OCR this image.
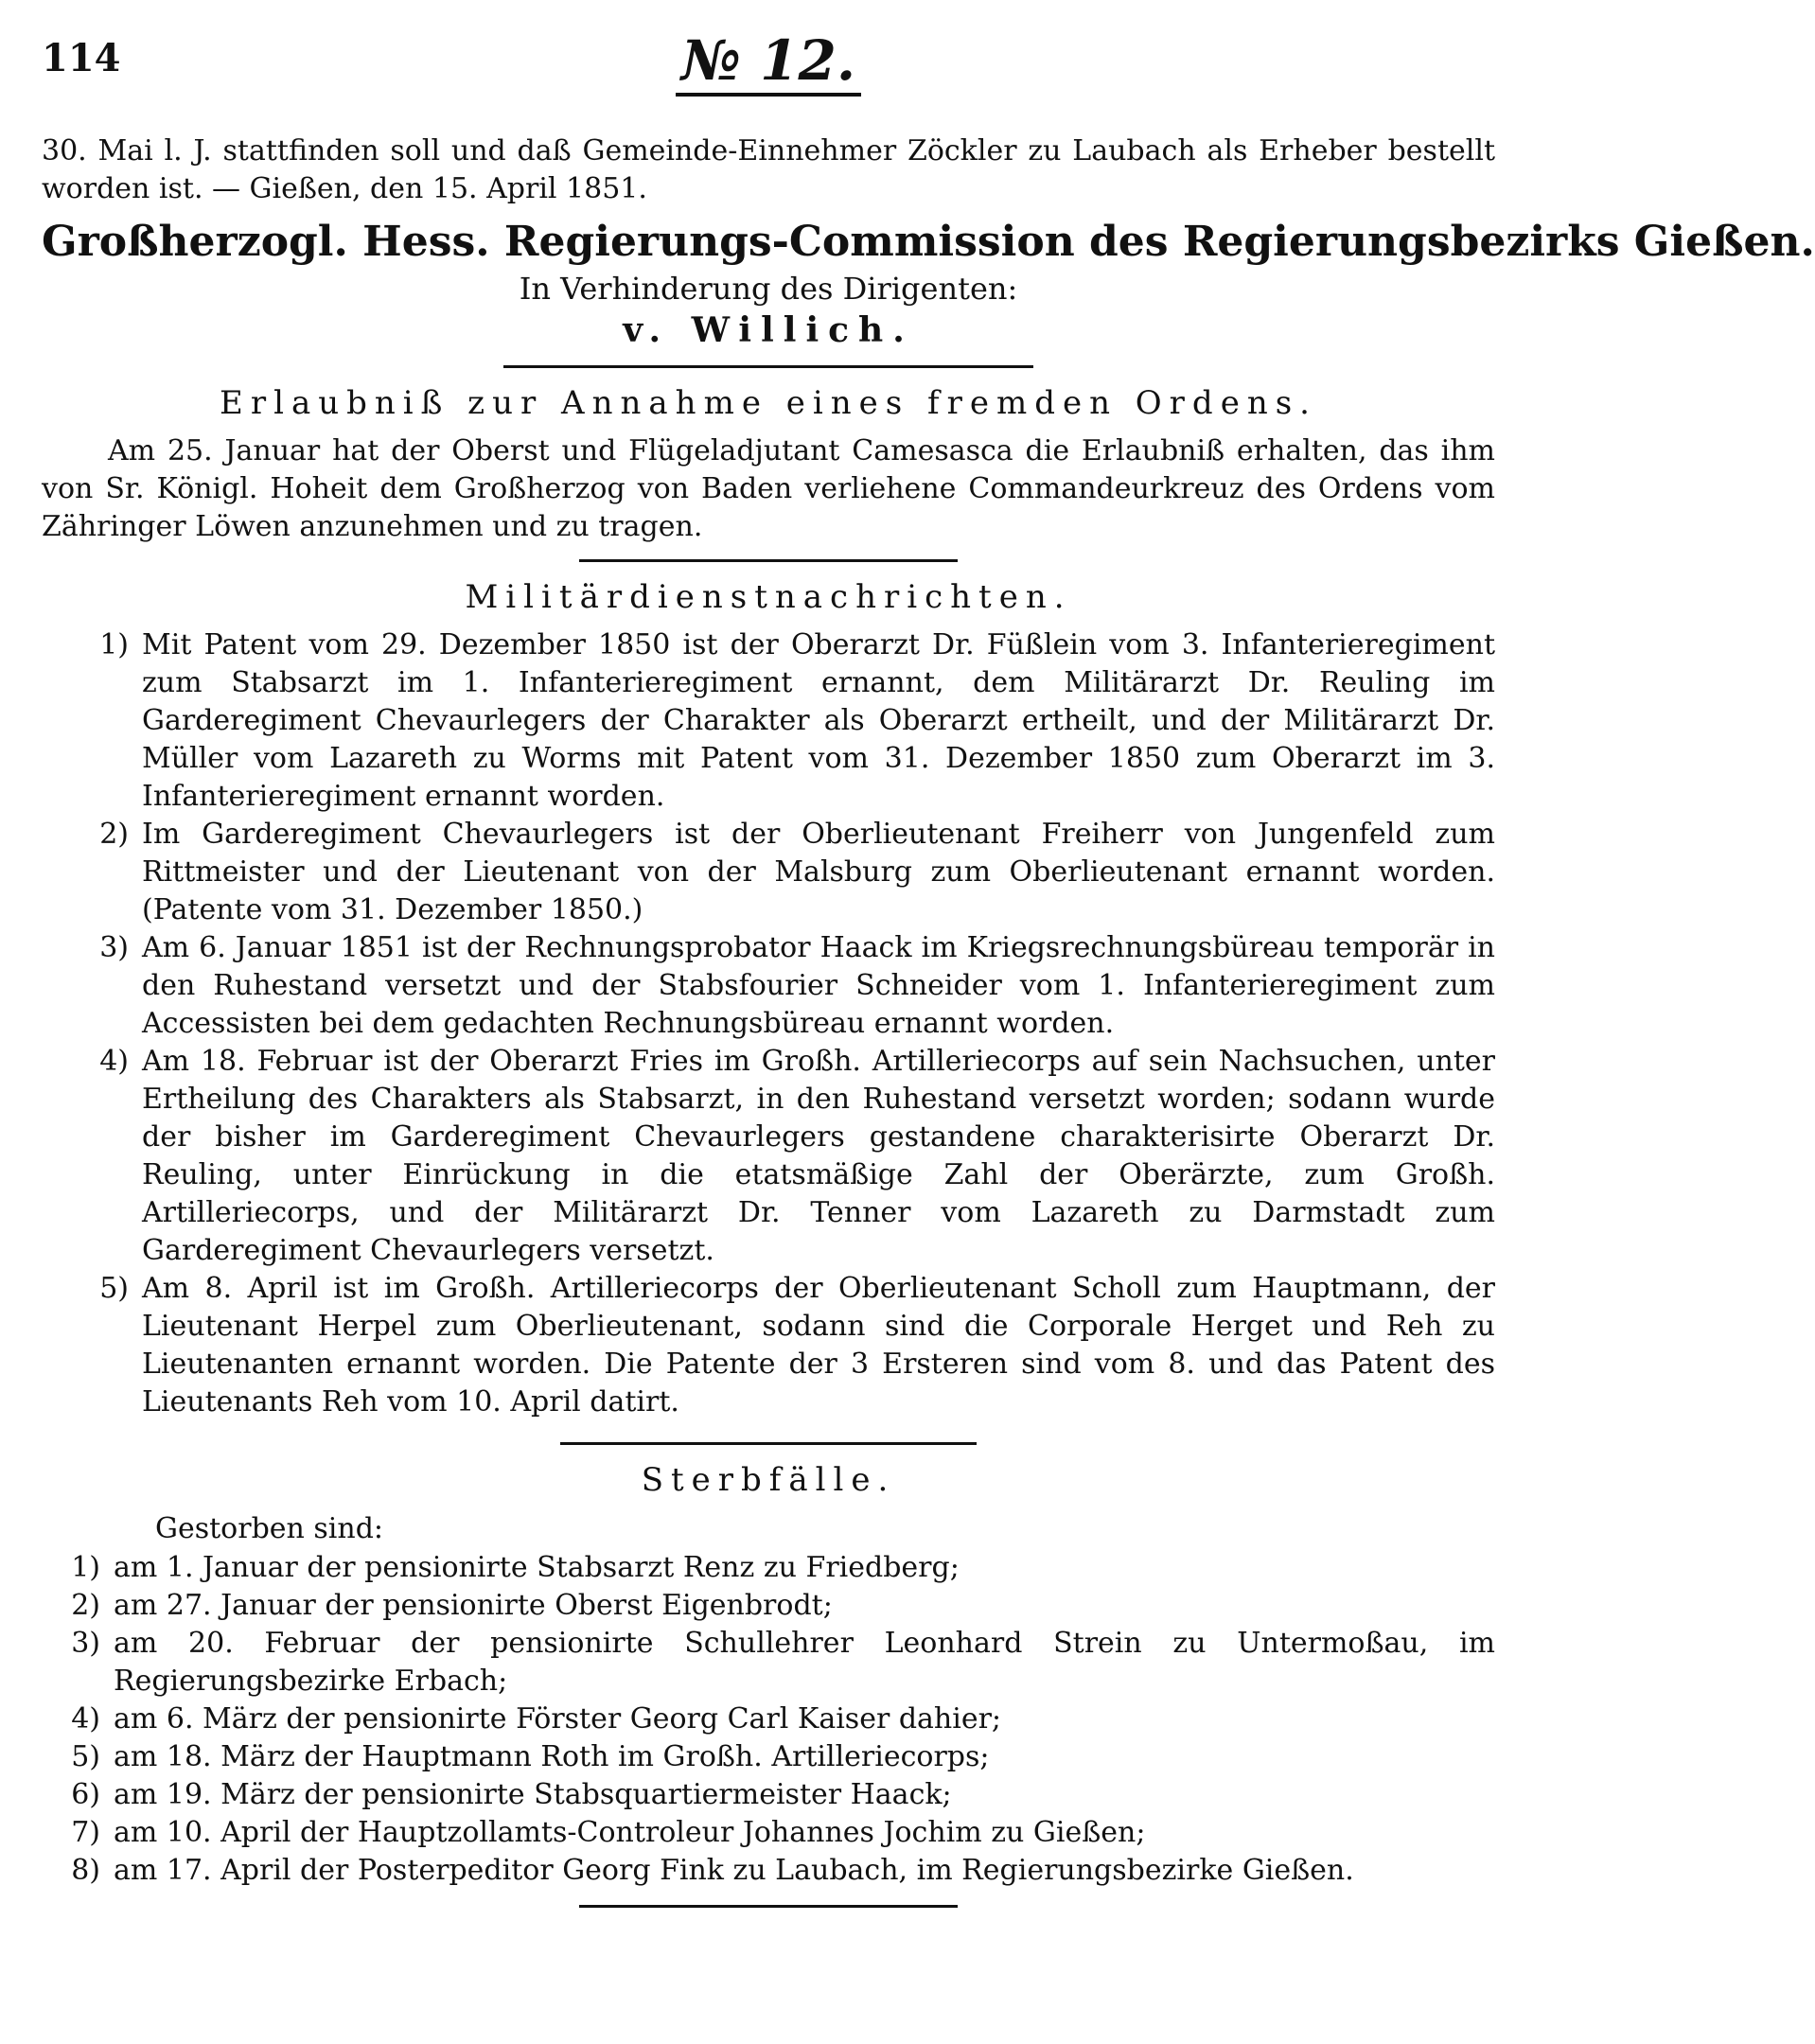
114	№ 12.

30. Mai l. J. stattfinden soll und daß Gemeinde-Einnehmer Zöckler zu Laubach als Erheber bestellt worden ist. — Gießen, den 15. April 1851.

Großherzogl. Hess. Regierungs-Commission des Regierungsbezirks Gießen.
In Verhinderung des Dirigenten:
v. Willich.
Erlaubniß zur Annahme eines fremden Ordens.

Am 25. Januar hat der Oberst und Flügeladjutant Camesasca die Erlaubniß erhalten, das ihm von Sr. Königl. Hoheit dem Großherzog von Baden verliehene Commandeurkreuz des Ordens vom Zähringer Löwen anzunehmen und zu tragen.

Militärdienstnachrichten.
1) Mit Patent vom 29. Dezember 1850 ist der Oberarzt Dr. Füßlein vom 3. Infanterieregiment zum Stabsarzt im 1. Infanterieregiment ernannt, dem Militärarzt Dr. Reuling im Garderegiment Chevaurlegers der Charakter als Oberarzt ertheilt, und der Militärarzt Dr. Müller vom Lazareth zu Worms mit Patent vom 31. Dezember 1850 zum Oberarzt im 3. Infanterieregiment ernannt worden.
2) Im Garderegiment Chevaurlegers ist der Oberlieutenant Freiherr von Jungenfeld zum Rittmeister und der Lieutenant von der Malsburg zum Oberlieutenant ernannt worden. (Patente vom 31. Dezember 1850.)
3) Am 6. Januar 1851 ist der Rechnungsprobator Haack im Kriegsrechnungsbüreau temporär in den Ruhestand versetzt und der Stabsfourier Schneider vom 1. Infanterieregiment zum Accessisten bei dem gedachten Rechnungsbüreau ernannt worden.
4) Am 18. Februar ist der Oberarzt Fries im Großh. Artilleriecorps auf sein Nachsuchen, unter Ertheilung des Charakters als Stabsarzt, in den Ruhestand versetzt worden; sodann wurde der bisher im Garderegiment Chevaurlegers gestandene charakterisirte Oberarzt Dr. Reuling, unter Einrückung in die etatsmäßige Zahl der Oberärzte, zum Großh. Artilleriecorps, und der Militärarzt Dr. Tenner vom Lazareth zu Darmstadt zum Garderegiment Chevaurlegers versetzt.
5) Am 8. April ist im Großh. Artilleriecorps der Oberlieutenant Scholl zum Hauptmann, der Lieutenant Herpel zum Oberlieutenant, sodann sind die Corporale Herget und Reh zu Lieutenanten ernannt worden. Die Patente der 3 Ersteren sind vom 8. und das Patent des Lieutenants Reh vom 10. April datirt.
Sterbfälle.
Gestorben sind:
1) am 1. Januar der pensionirte Stabsarzt Renz zu Friedberg;
2) am 27. Januar der pensionirte Oberst Eigenbrodt;
3) am 20. Februar der pensionirte Schullehrer Leonhard Strein zu Untermoßau, im Regierungsbezirke Erbach;
4) am 6. März der pensionirte Förster Georg Carl Kaiser dahier;
5) am 18. März der Hauptmann Roth im Großh. Artilleriecorps;
6) am 19. März der pensionirte Stabsquartiermeister Haack;
7) am 10. April der Hauptzollamts-Controleur Johannes Jochim zu Gießen;
8) am 17. April der Posterpeditor Georg Fink zu Laubach, im Regierungsbezirke Gießen.
